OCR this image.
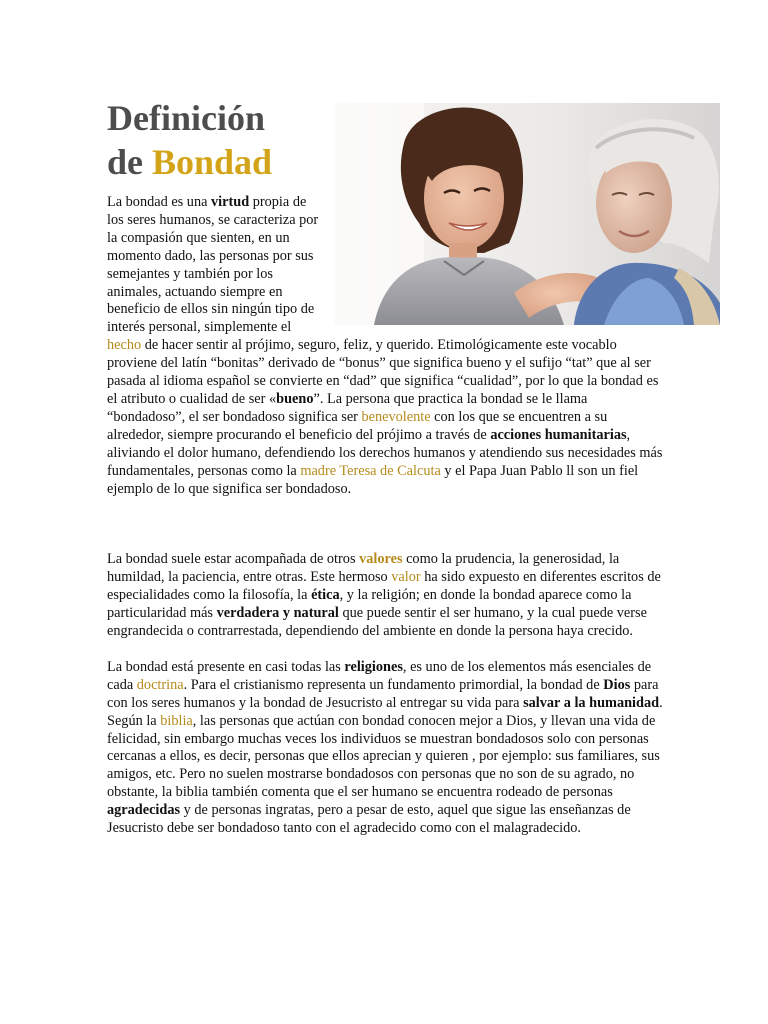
Definición
de Bondad

La bondad es una virtud propia de los seres humanos, se caracteriza por la compasión que sienten, en un momento dado, las personas por sus semejantes y también por los animales, actuando siempre en beneficio de ellos sin ningún tipo de interés personal, simplemente el hecho de hacer sentir al prójimo, seguro, feliz, y querido. Etimológicamente este vocablo proviene del latín “bonitas” derivado de “bonus” que significa bueno y el sufijo “tat” que al ser pasada al idioma español se convierte en “dad” que significa “cualidad”, por lo que la bondad es el atributo o cualidad de ser «bueno”. La persona que practica la bondad se le llama “bondadoso”, el ser bondadoso significa ser benevolente con los que se encuentren a su alrededor, siempre procurando el beneficio del prójimo a través de acciones humanitarias, aliviando el dolor humano, defendiendo los derechos humanos y atendiendo sus necesidades más fundamentales, personas como la madre Teresa de Calcuta y el Papa Juan Pablo ll son un fiel ejemplo de lo que significa ser bondadoso.

La bondad suele estar acompañada de otros valores como la prudencia, la generosidad, la humildad, la paciencia, entre otras. Este hermoso valor ha sido expuesto en diferentes escritos de especialidades como la filosofía, la ética, y la religión; en donde la bondad aparece como la particularidad más verdadera y natural que puede sentir el ser humano, y la cual puede verse engrandecida o contrarrestada, dependiendo del ambiente en donde la persona haya crecido.

La bondad está presente en casi todas las religiones, es uno de los elementos más esenciales de cada doctrina. Para el cristianismo representa un fundamento primordial, la bondad de Dios para con los seres humanos y la bondad de Jesucristo al entregar su vida para salvar a la humanidad. Según la biblia, las personas que actúan con bondad conocen mejor a Dios, y llevan una vida de felicidad, sin embargo muchas veces los individuos se muestran bondadosos solo con personas cercanas a ellos, es decir, personas que ellos aprecian y quieren , por ejemplo: sus familiares, sus amigos, etc. Pero no suelen mostrarse bondadosos con personas que no son de su agrado, no obstante, la biblia también comenta que el ser humano se encuentra rodeado de personas agradecidas y de personas ingratas, pero a pesar de esto, aquel que sigue las enseñanzas de Jesucristo debe ser bondadoso tanto con el agradecido como con el malagradecido.
